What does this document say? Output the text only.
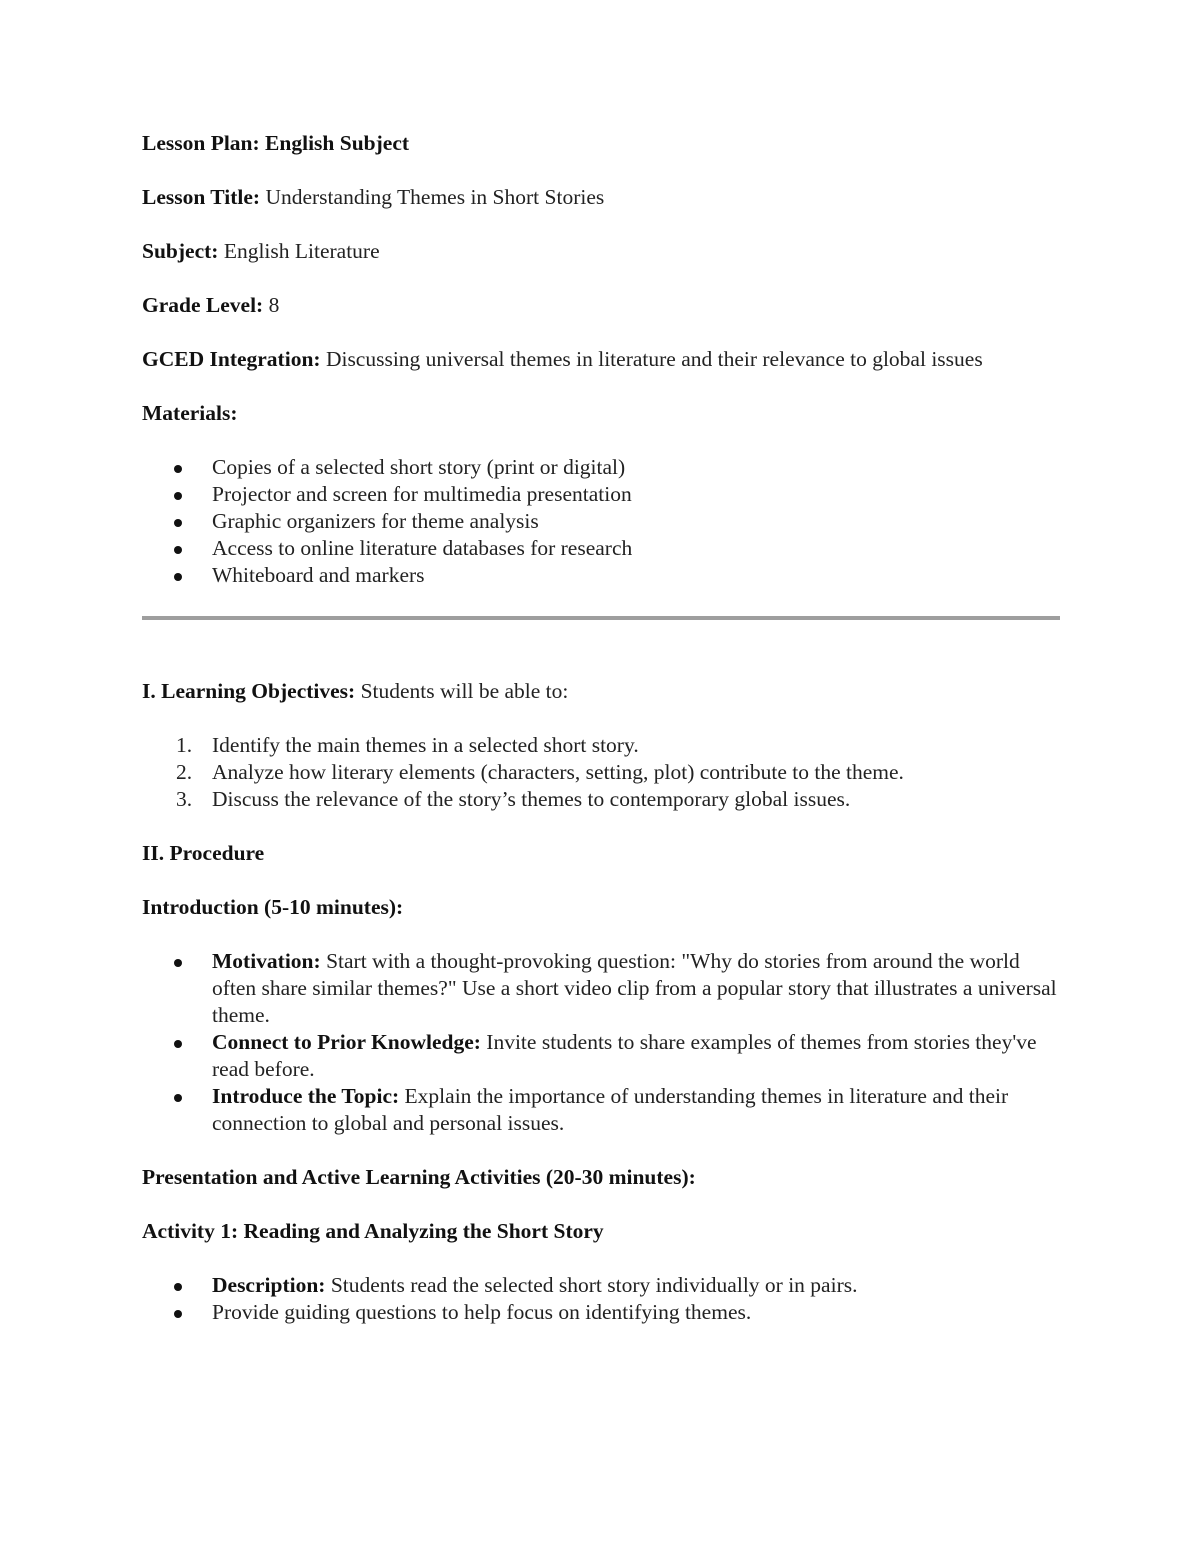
Lesson Plan: English Subject

Lesson Title: Understanding Themes in Short Stories

Subject: English Literature

Grade Level: 8

GCED Integration: Discussing universal themes in literature and their relevance to global issues

Materials:

Copies of a selected short story (print or digital)
Projector and screen for multimedia presentation
Graphic organizers for theme analysis
Access to online literature databases for research
Whiteboard and markers

I. Learning Objectives: Students will be able to:

1. Identify the main themes in a selected short story.
2. Analyze how literary elements (characters, setting, plot) contribute to the theme.
3. Discuss the relevance of the story’s themes to contemporary global issues.

II. Procedure

Introduction (5-10 minutes):

Motivation: Start with a thought-provoking question: "Why do stories from around the world often share similar themes?" Use a short video clip from a popular story that illustrates a universal theme.
Connect to Prior Knowledge: Invite students to share examples of themes from stories they've read before.
Introduce the Topic: Explain the importance of understanding themes in literature and their connection to global and personal issues.

Presentation and Active Learning Activities (20-30 minutes):

Activity 1: Reading and Analyzing the Short Story

Description: Students read the selected short story individually or in pairs.
Provide guiding questions to help focus on identifying themes.
